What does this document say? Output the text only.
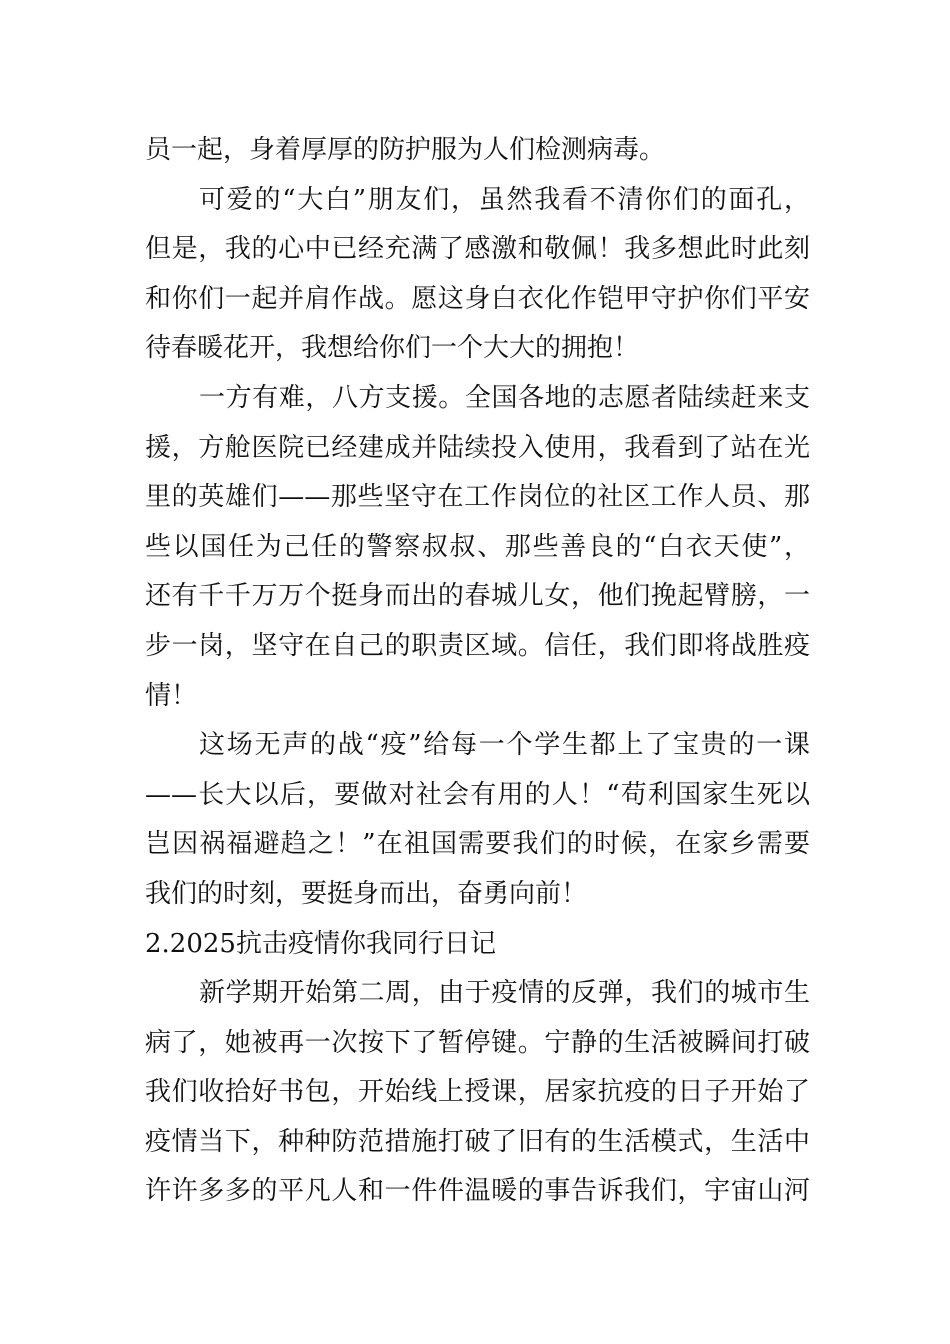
员一起，身着厚厚的防护服为人们检测病毒。
可爱的“大白”朋友们，虽然我看不清你们的面孔，
但是，我的心中已经充满了感激和敬佩！我多想此时此刻
和你们一起并肩作战。愿这身白衣化作铠甲守护你们平安
待春暖花开，我想给你们一个大大的拥抱！
一方有难，八方支援。全国各地的志愿者陆续赶来支
援，方舱医院已经建成并陆续投入使用，我看到了站在光
里的英雄们——那些坚守在工作岗位的社区工作人员、那
些以国任为己任的警察叔叔、那些善良的“白衣天使”，
还有千千万万个挺身而出的春城儿女，他们挽起臂膀，一
步一岗，坚守在自己的职责区域。信任，我们即将战胜疫
情！
这场无声的战“疫”给每一个学生都上了宝贵的一课
——长大以后，要做对社会有用的人！“苟利国家生死以
岂因祸福避趋之！”在祖国需要我们的时候，在家乡需要
我们的时刻，要挺身而出，奋勇向前！
2.2025抗击疫情你我同行日记
新学期开始第二周，由于疫情的反弹，我们的城市生
病了，她被再一次按下了暂停键。宁静的生活被瞬间打破
我们收拾好书包，开始线上授课，居家抗疫的日子开始了
疫情当下，种种防范措施打破了旧有的生活模式，生活中
许许多多的平凡人和一件件温暖的事告诉我们，宇宙山河
